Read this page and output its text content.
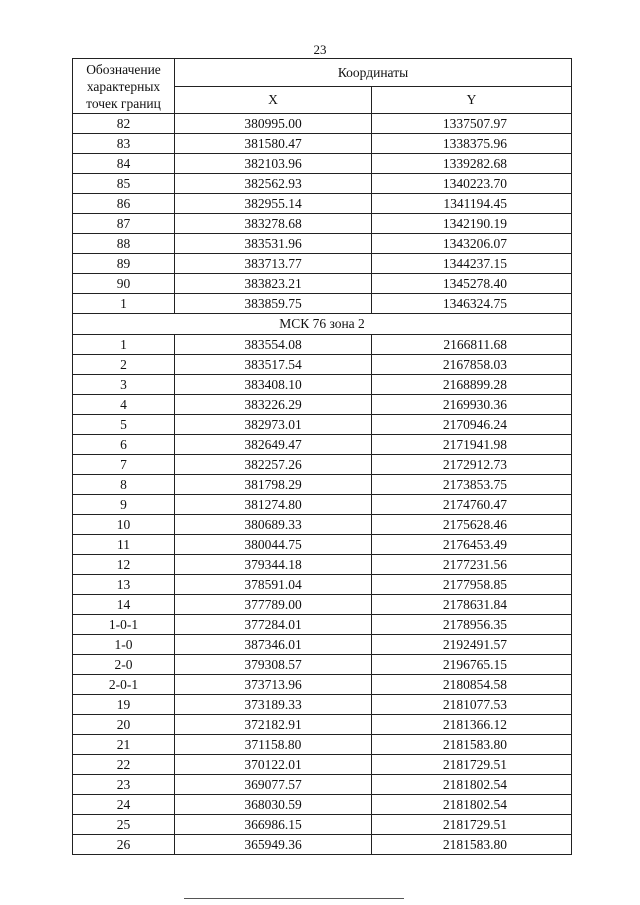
23
Обозначение
характерных
точек границ	Координаты	
	X	Y
82	380995.00	1337507.97
83	381580.47	1338375.96
84	382103.96	1339282.68
85	382562.93	1340223.70
86	382955.14	1341194.45
87	383278.68	1342190.19
88	383531.96	1343206.07
89	383713.77	1344237.15
90	383823.21	1345278.40
1	383859.75	1346324.75
МСК 76 зона 2		
1	383554.08	2166811.68
2	383517.54	2167858.03
3	383408.10	2168899.28
4	383226.29	2169930.36
5	382973.01	2170946.24
6	382649.47	2171941.98
7	382257.26	2172912.73
8	381798.29	2173853.75
9	381274.80	2174760.47
10	380689.33	2175628.46
11	380044.75	2176453.49
12	379344.18	2177231.56
13	378591.04	2177958.85
14	377789.00	2178631.84
1-0-1	377284.01	2178956.35
1-0	387346.01	2192491.57
2-0	379308.57	2196765.15
2-0-1	373713.96	2180854.58
19	373189.33	2181077.53
20	372182.91	2181366.12
21	371158.80	2181583.80
22	370122.01	2181729.51
23	369077.57	2181802.54
24	368030.59	2181802.54
25	366986.15	2181729.51
26	365949.36	2181583.80
